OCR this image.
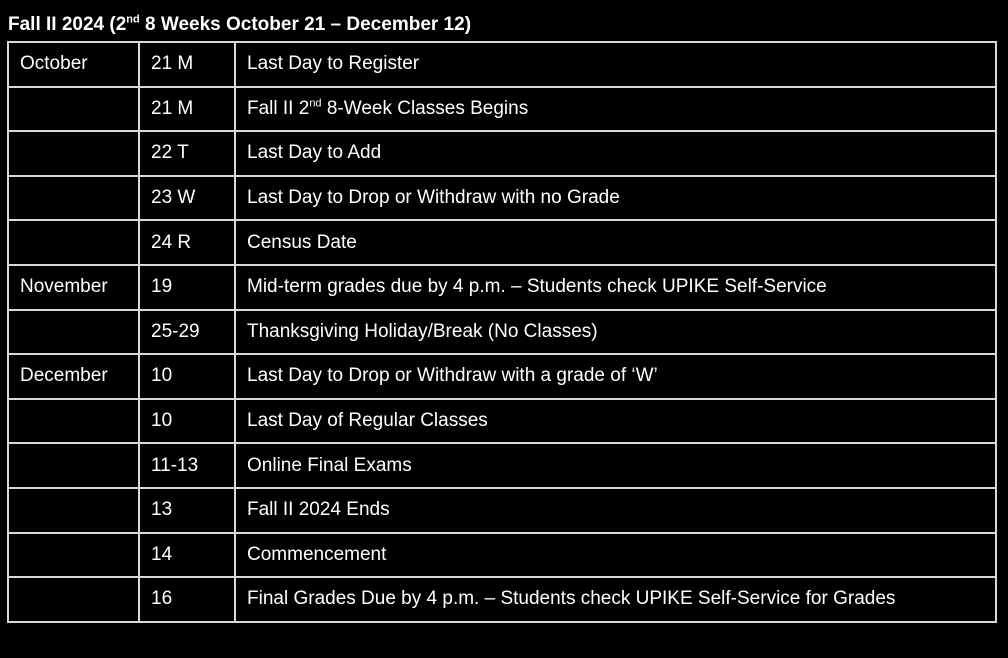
Fall II 2024 (2nd 8 Weeks October 21 – December 12)
October	21 M	Last Day to Register
	21 M	Fall II 2nd 8-Week Classes Begins
	22 T	Last Day to Add
	23 W	Last Day to Drop or Withdraw with no Grade
	24 R	Census Date
November	19	Mid-term grades due by 4 p.m. – Students check UPIKE Self-Service
	25-29	Thanksgiving Holiday/Break (No Classes)
December	10	Last Day to Drop or Withdraw with a grade of ‘W’
	10	Last Day of Regular Classes
	11-13	Online Final Exams
	13	Fall II 2024 Ends
	14	Commencement
	16	Final Grades Due by 4 p.m. – Students check UPIKE Self-Service for Grades
